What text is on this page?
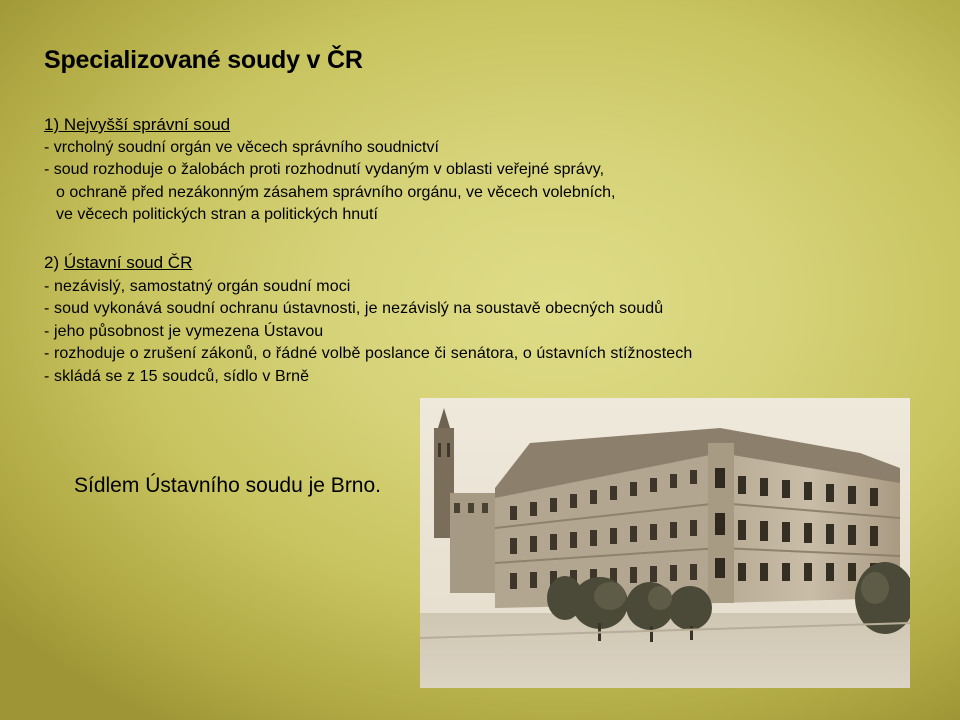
Specializované soudy v ČR
1) Nejvyšší správní soud
- vrcholný soudní orgán ve věcech správního soudnictví
- soud rozhoduje o žalobách proti rozhodnutí vydaným v oblasti veřejné správy,
o ochraně před nezákonným zásahem správního orgánu, ve věcech volebních,
ve věcech politických stran a politických hnutí
2) Ústavní soud ČR
- nezávislý, samostatný orgán soudní moci
- soud vykonává soudní ochranu ústavnosti, je nezávislý na soustavě obecných soudů
- jeho působnost je vymezena Ústavou
- rozhoduje o zrušení zákonů, o řádné volbě poslance či senátora, o ústavních stížnostech
- skládá se z 15 soudců, sídlo v Brně
Sídlem Ústavního soudu je Brno.
